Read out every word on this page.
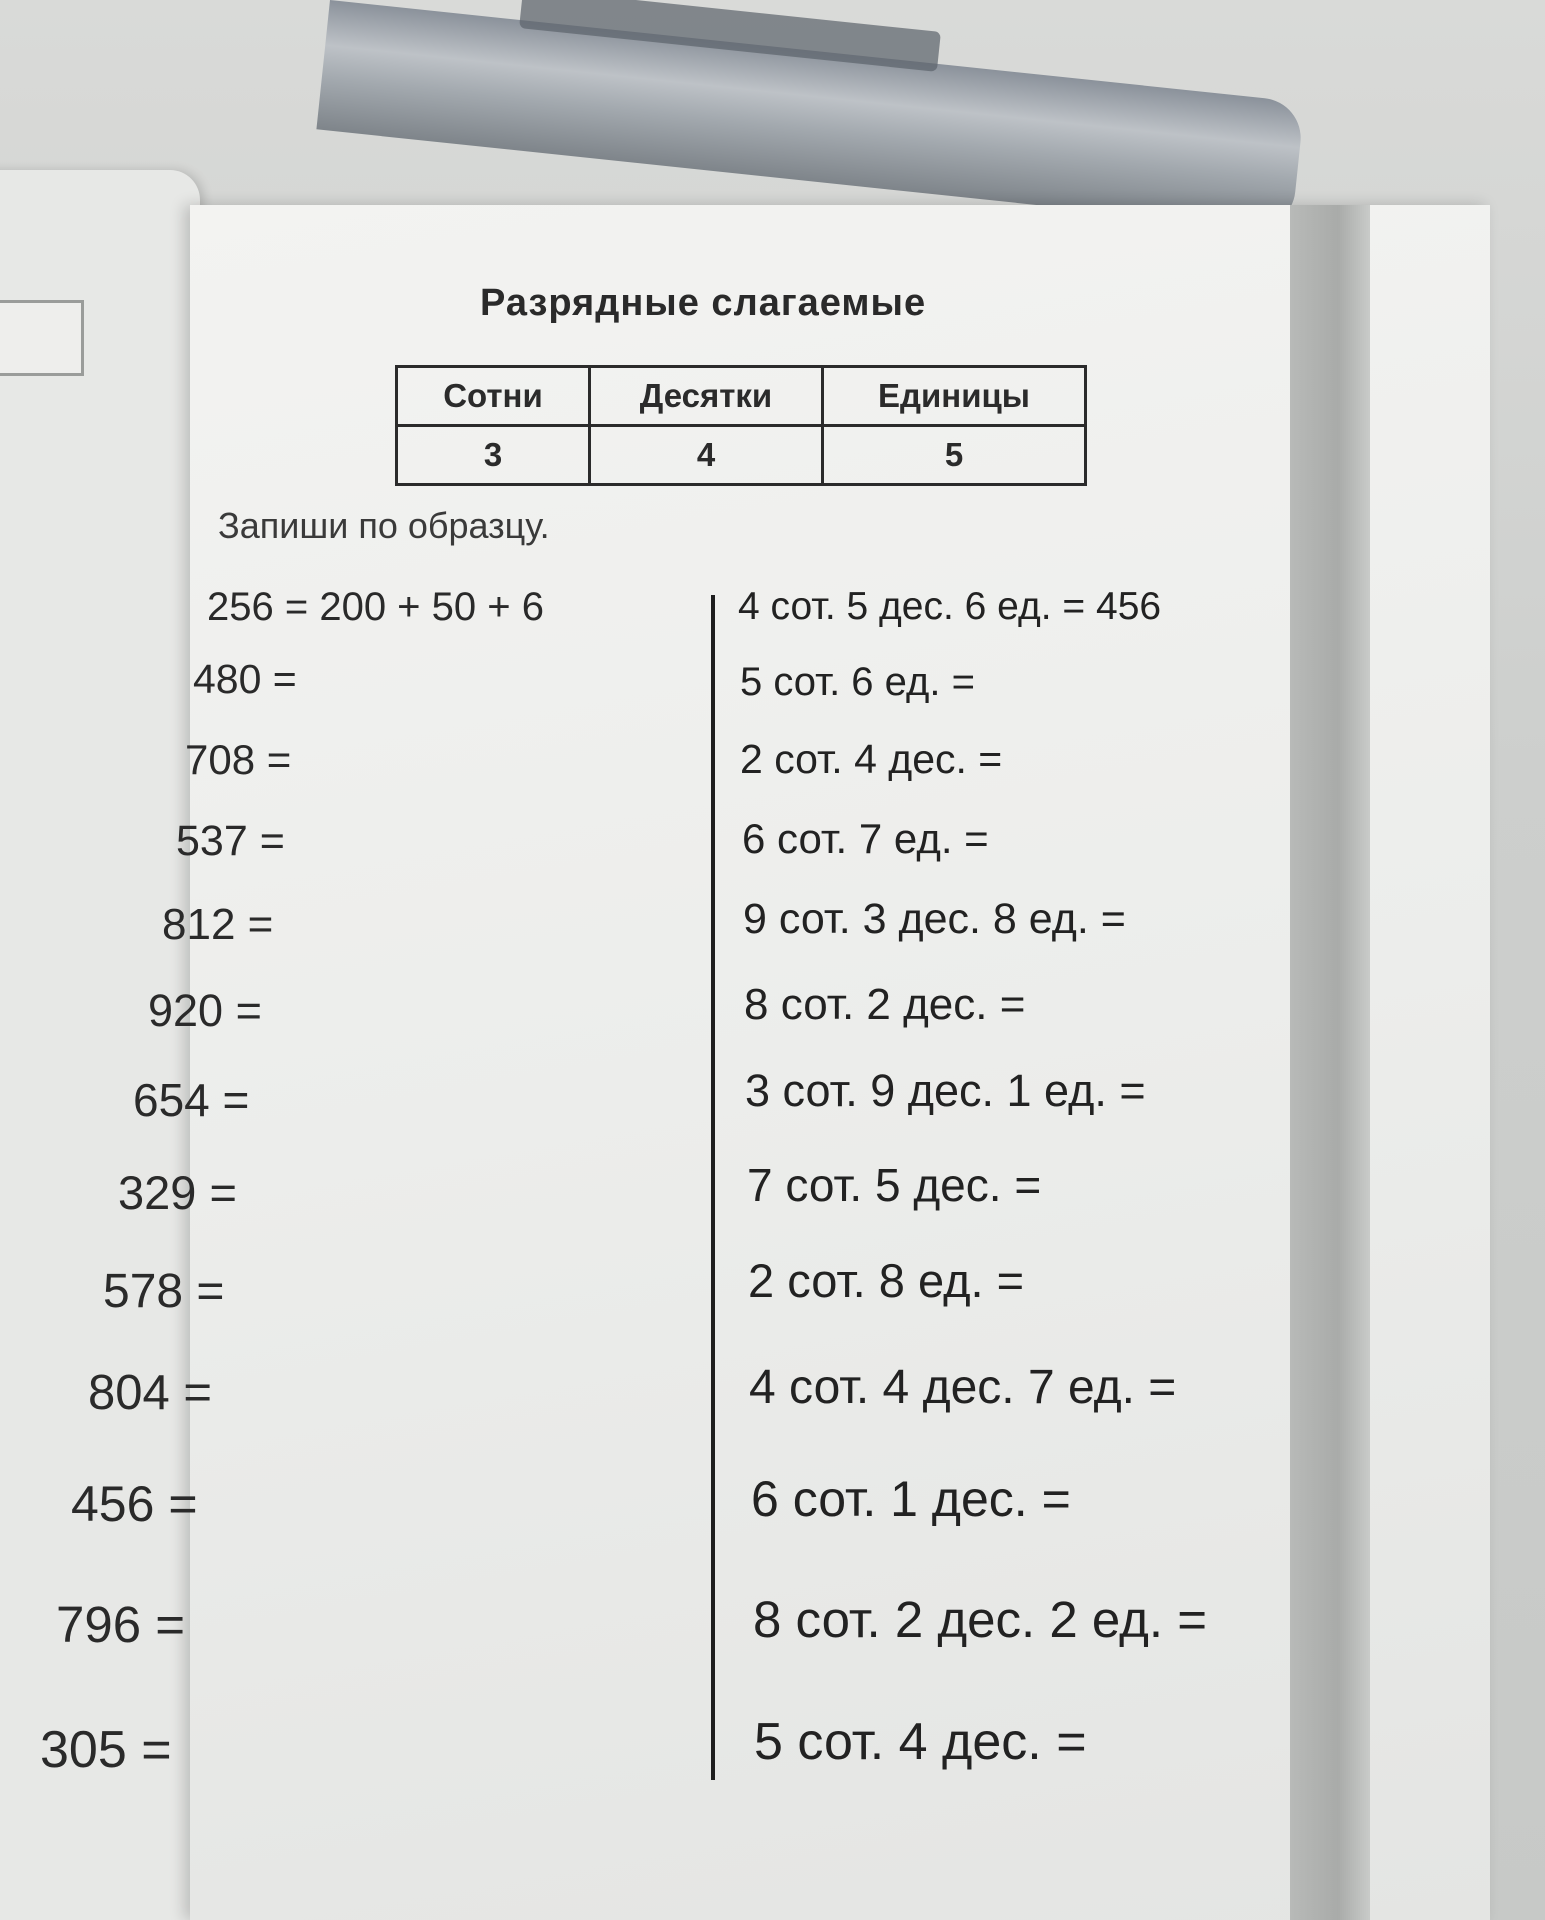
Разрядные слагаемые
Сотни	Десятки	Единицы
3	4	5
Запиши по образцу.
256 = 200 + 50 + 6
480 =
708 =
537 =
812 =
920 =
654 =
329 =
578 =
804 =
456 =
796 =
305 =
4 сот. 5 дес. 6 ед. = 456
5 сот. 6 ед. =
2 сот. 4 дес. =
6 сот. 7 ед. =
9 сот. 3 дес. 8 ед. =
8 сот. 2 дес. =
3 сот. 9 дес. 1 ед. =
7 сот. 5 дес. =
2 сот. 8 ед. =
4 сот. 4 дес. 7 ед. =
6 сот. 1 дес. =
8 сот. 2 дес. 2 ед. =
5 сот. 4 дес. =
